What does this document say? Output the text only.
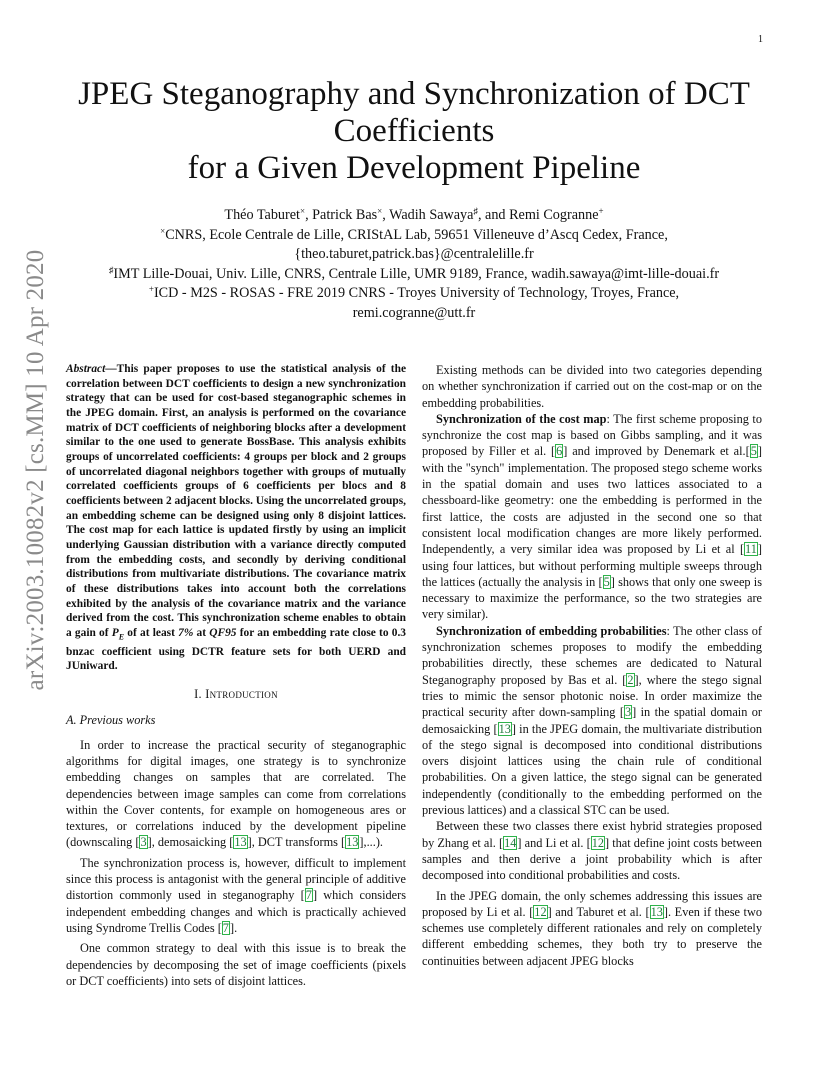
1
arXiv:2003.10082v2 [cs.MM] 10 Apr 2020
JPEG Steganography and Synchronization of DCT
Coefficients
for a Given Development Pipeline
Théo Taburet×, Patrick Bas×, Wadih Sawaya♯, and Remi Cogranne+
×CNRS, Ecole Centrale de Lille, CRIStAL Lab, 59651 Villeneuve d’Ascq Cedex, France,
{theo.taburet,patrick.bas}@centralelille.fr
♯IMT Lille-Douai, Univ. Lille, CNRS, Centrale Lille, UMR 9189, France, wadih.sawaya@imt-lille-douai.fr
+ICD - M2S - ROSAS - FRE 2019 CNRS - Troyes University of Technology, Troyes, France,
remi.cogranne@utt.fr

Abstract—This paper proposes to use the statistical analysis of the correlation between DCT coefficients to design a new synchronization strategy that can be used for cost-based steganographic schemes in the JPEG domain. First, an analysis is performed on the covariance matrix of DCT coefficients of neighboring blocks after a development similar to the one used to generate BossBase. This analysis exhibits groups of uncorrelated coefficients: 4 groups per block and 2 groups of uncorrelated diagonal neighbors together with groups of mutually correlated coefficients groups of 6 coefficients per blocs and 8 coefficients between 2 adjacent blocks. Using the uncorrelated groups, an embedding scheme can be designed using only 8 disjoint lattices. The cost map for each lattice is updated firstly by using an implicit underlying Gaussian distribution with a variance directly computed from the embedding costs, and secondly by deriving conditional distributions from multivariate distributions. The covariance matrix of these distributions takes into account both the correlations exhibited by the analysis of the covariance matrix and the variance derived from the cost. This synchronization scheme enables to obtain a gain of $P_E$ of at least 7% at QF95 for an embedding rate close to 0.3 bnzac coefficient using DCTR feature sets for both UERD and JUniward.

I. Introduction
A. Previous works

In order to increase the practical security of steganographic algorithms for digital images, one strategy is to synchronize embedding changes on samples that are correlated. The dependencies between image samples can come from correlations within the Cover contents, for example on homogeneous ares or textures, or correlations induced by the development pipeline (downscaling [3], demosaicking [13], DCT transforms [13],...).

The synchronization process is, however, difficult to implement since this process is antagonist with the general principle of additive distortion commonly used in steganography [7] which considers independent embedding changes and which is practically achieved using Syndrome Trellis Codes [7].

One common strategy to deal with this issue is to break the dependencies by decomposing the set of image coefficients (pixels or DCT coefficients) into sets of disjoint lattices.

Existing methods can be divided into two categories depending on whether synchronization if carried out on the cost-map or on the embedding probabilities.

Synchronization of the cost map: The first scheme proposing to synchronize the cost map is based on Gibbs sampling, and it was proposed by Filler et al. [6] and improved by Denemark et al.[5] with the "synch" implementation. The proposed stego scheme works in the spatial domain and uses two lattices associated to a chessboard-like geometry: one the embedding is performed in the first lattice, the costs are adjusted in the second one so that consistent local modification changes are more likely performed. Independently, a very similar idea was proposed by Li et al [11] using four lattices, but without performing multiple sweeps through the lattices (actually the analysis in [5] shows that only one sweep is necessary to maximize the performance, so the two strategies are very similar).

Synchronization of embedding probabilities: The other class of synchronization schemes proposes to modify the embedding probabilities directly, these schemes are dedicated to Natural Steganography proposed by Bas et al. [2], where the stego signal tries to mimic the sensor photonic noise. In order maximize the practical security after down-sampling [3] in the spatial domain or demosaicking [13] in the JPEG domain, the multivariate distribution of the stego signal is decomposed into conditional distributions overs disjoint lattices using the chain rule of conditional probabilities. On a given lattice, the stego signal can be generated independently (conditionally to the embedding performed on the previous lattices) and a classical STC can be used.

Between these two classes there exist hybrid strategies proposed by Zhang et al. [14] and Li et al. [12] that define joint costs between samples and then derive a joint probability which is after decomposed into conditional probabilities and costs.

In the JPEG domain, the only schemes addressing this issues are proposed by Li et al. [12] and Taburet et al. [13]. Even if these two schemes use completely different rationales and rely on completely different embedding schemes, they both try to preserve the continuities between adjacent JPEG blocks
